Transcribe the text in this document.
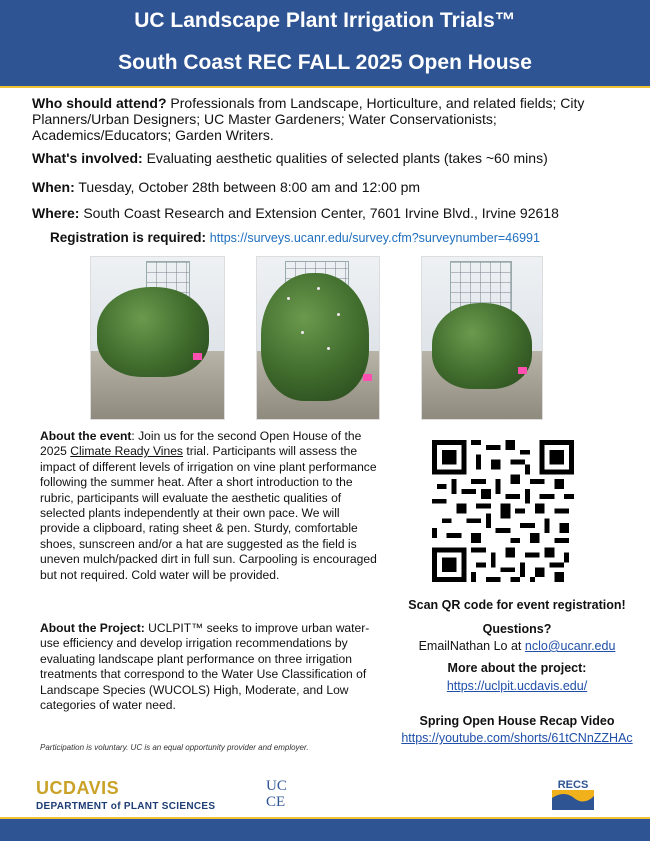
UC Landscape Plant Irrigation Trials™
South Coast REC FALL 2025 Open House
Who should attend? Professionals from Landscape, Horticulture, and related fields; City Planners/Urban Designers; UC Master Gardeners; Water Conservationists; Academics/Educators; Garden Writers.
What's involved: Evaluating aesthetic qualities of selected plants (takes ~60 mins)
When: Tuesday, October 28th between 8:00 am and 12:00 pm
Where: South Coast Research and Extension Center, 7601 Irvine Blvd., Irvine 92618
Registration is required: https://surveys.ucanr.edu/survey.cfm?surveynumber=46991
About the event: Join us for the second Open House of the 2025 Climate Ready Vines trial. Participants will assess the impact of different levels of irrigation on vine plant performance following the summer heat. After a short introduction to the rubric, participants will evaluate the aesthetic qualities of selected plants independently at their own pace. We will provide a clipboard, rating sheet & pen. Sturdy, comfortable shoes, sunscreen and/or a hat are suggested as the field is uneven mulch/packed dirt in full sun. Carpooling is encouraged but not required. Cold water will be provided.
About the Project: UCLPIT™ seeks to improve urban water-use efficiency and develop irrigation recommendations by evaluating landscape plant performance on three irrigation treatments that correspond to the Water Use Classification of Landscape Species (WUCOLS) High, Moderate, and Low categories of water need.
Participation is voluntary. UC is an equal opportunity provider and employer.
Scan QR code for event registration!
Questions?
EmailNathan Lo at nclo@ucanr.edu
More about the project:
https://uclpit.ucdavis.edu/
Spring Open House Recap Video
https://youtube.com/shorts/61tCNnZZHAc
UCDAVIS
DEPARTMENT of PLANT SCIENCES
UC
CE
RECS
